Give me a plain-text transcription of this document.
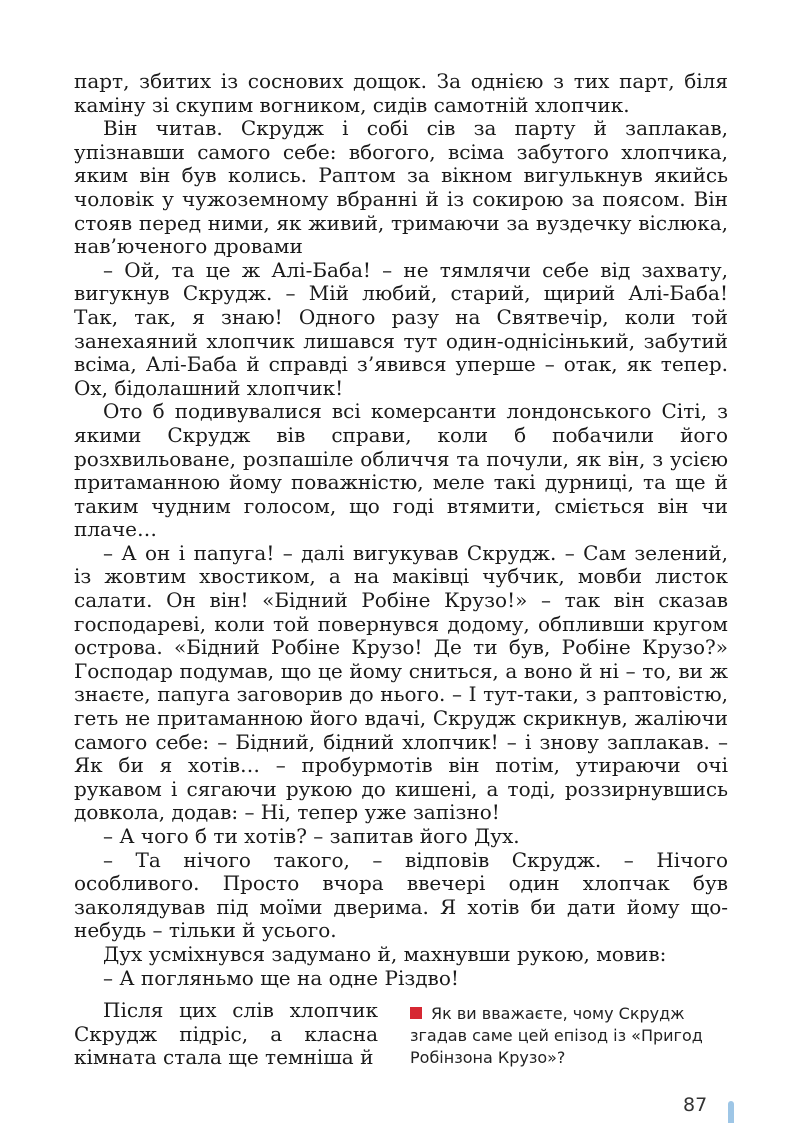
парт, збитих із соснових дощок. За однією з тих парт, біля каміну зі скупим вогником, сидів самотній хлопчик.

Він читав. Скрудж і собі сів за парту й заплакав, упізнавши самого себе: вбогого, всіма забутого хлопчика, яким він був колись. Раптом за вікном вигулькнув якийсь чоловік у чужоземному вбранні й із сокирою за поясом. Він стояв перед ними, як живий, тримаючи за вуздечку віслюка, нав’юченого дровами

– Ой, та це ж Алі-Баба! – не тямлячи себе від захвату, вигукнув Скрудж. – Мій любий, старий, щирий Алі-Баба! Так, так, я знаю! Одного разу на Святвечір, коли той занехаяний хлопчик лишався тут один-однісінький, забутий всіма, Алі-Баба й справді з’явився уперше – отак, як тепер. Ох, бідолашний хлопчик!

Ото б подивувалися всі комерсанти лондонського Сіті, з якими Скрудж вів справи, коли б побачили його розхвильоване, розпашіле обличчя та почули, як він, з усією притаманною йому поважністю, меле такі дурниці, та ще й таким чудним голосом, що годі втямити, сміється він чи плаче…

– А он і папуга! – далі вигукував Скрудж. – Сам зелений, із жовтим хвостиком, а на маківці чубчик, мовби листок салати. Он він! «Бідний Робіне Крузо!» – так він сказав господареві, коли той повернувся додому, обпливши кругом острова. «Бідний Робіне Крузо! Де ти був, Робіне Крузо?» Господар подумав, що це йому сниться, а воно й ні – то, ви ж знаєте, папуга заговорив до нього. – І тут-таки, з раптовістю, геть не притаманною його вдачі, Скрудж скрикнув, жаліючи самого себе: – Бідний, бідний хлопчик! – і знову заплакав. – Як би я хотів… – пробурмотів він потім, утираючи очі рукавом і сягаючи рукою до кишені, а тоді, роззирнувшись довкола, додав: – Ні, тепер уже запізно!

– А чого б ти хотів? – запитав його Дух.

– Та нічого такого, – відповів Скрудж. – Нічого особливого. Просто вчора ввечері один хлопчак був заколядував під моїми дверима. Я хотів би дати йому що-небудь – тільки й усього.

Дух усміхнувся задумано й, махнувши рукою, мовив:

– А погляньмо ще на одне Різдво!

Після цих слів хлопчик Скрудж підріс, а класна кімната стала ще темніша й

Як ви вважаєте, чому Скрудж згадав саме цей епізод із «Пригод Робінзона Крузо»?
87
